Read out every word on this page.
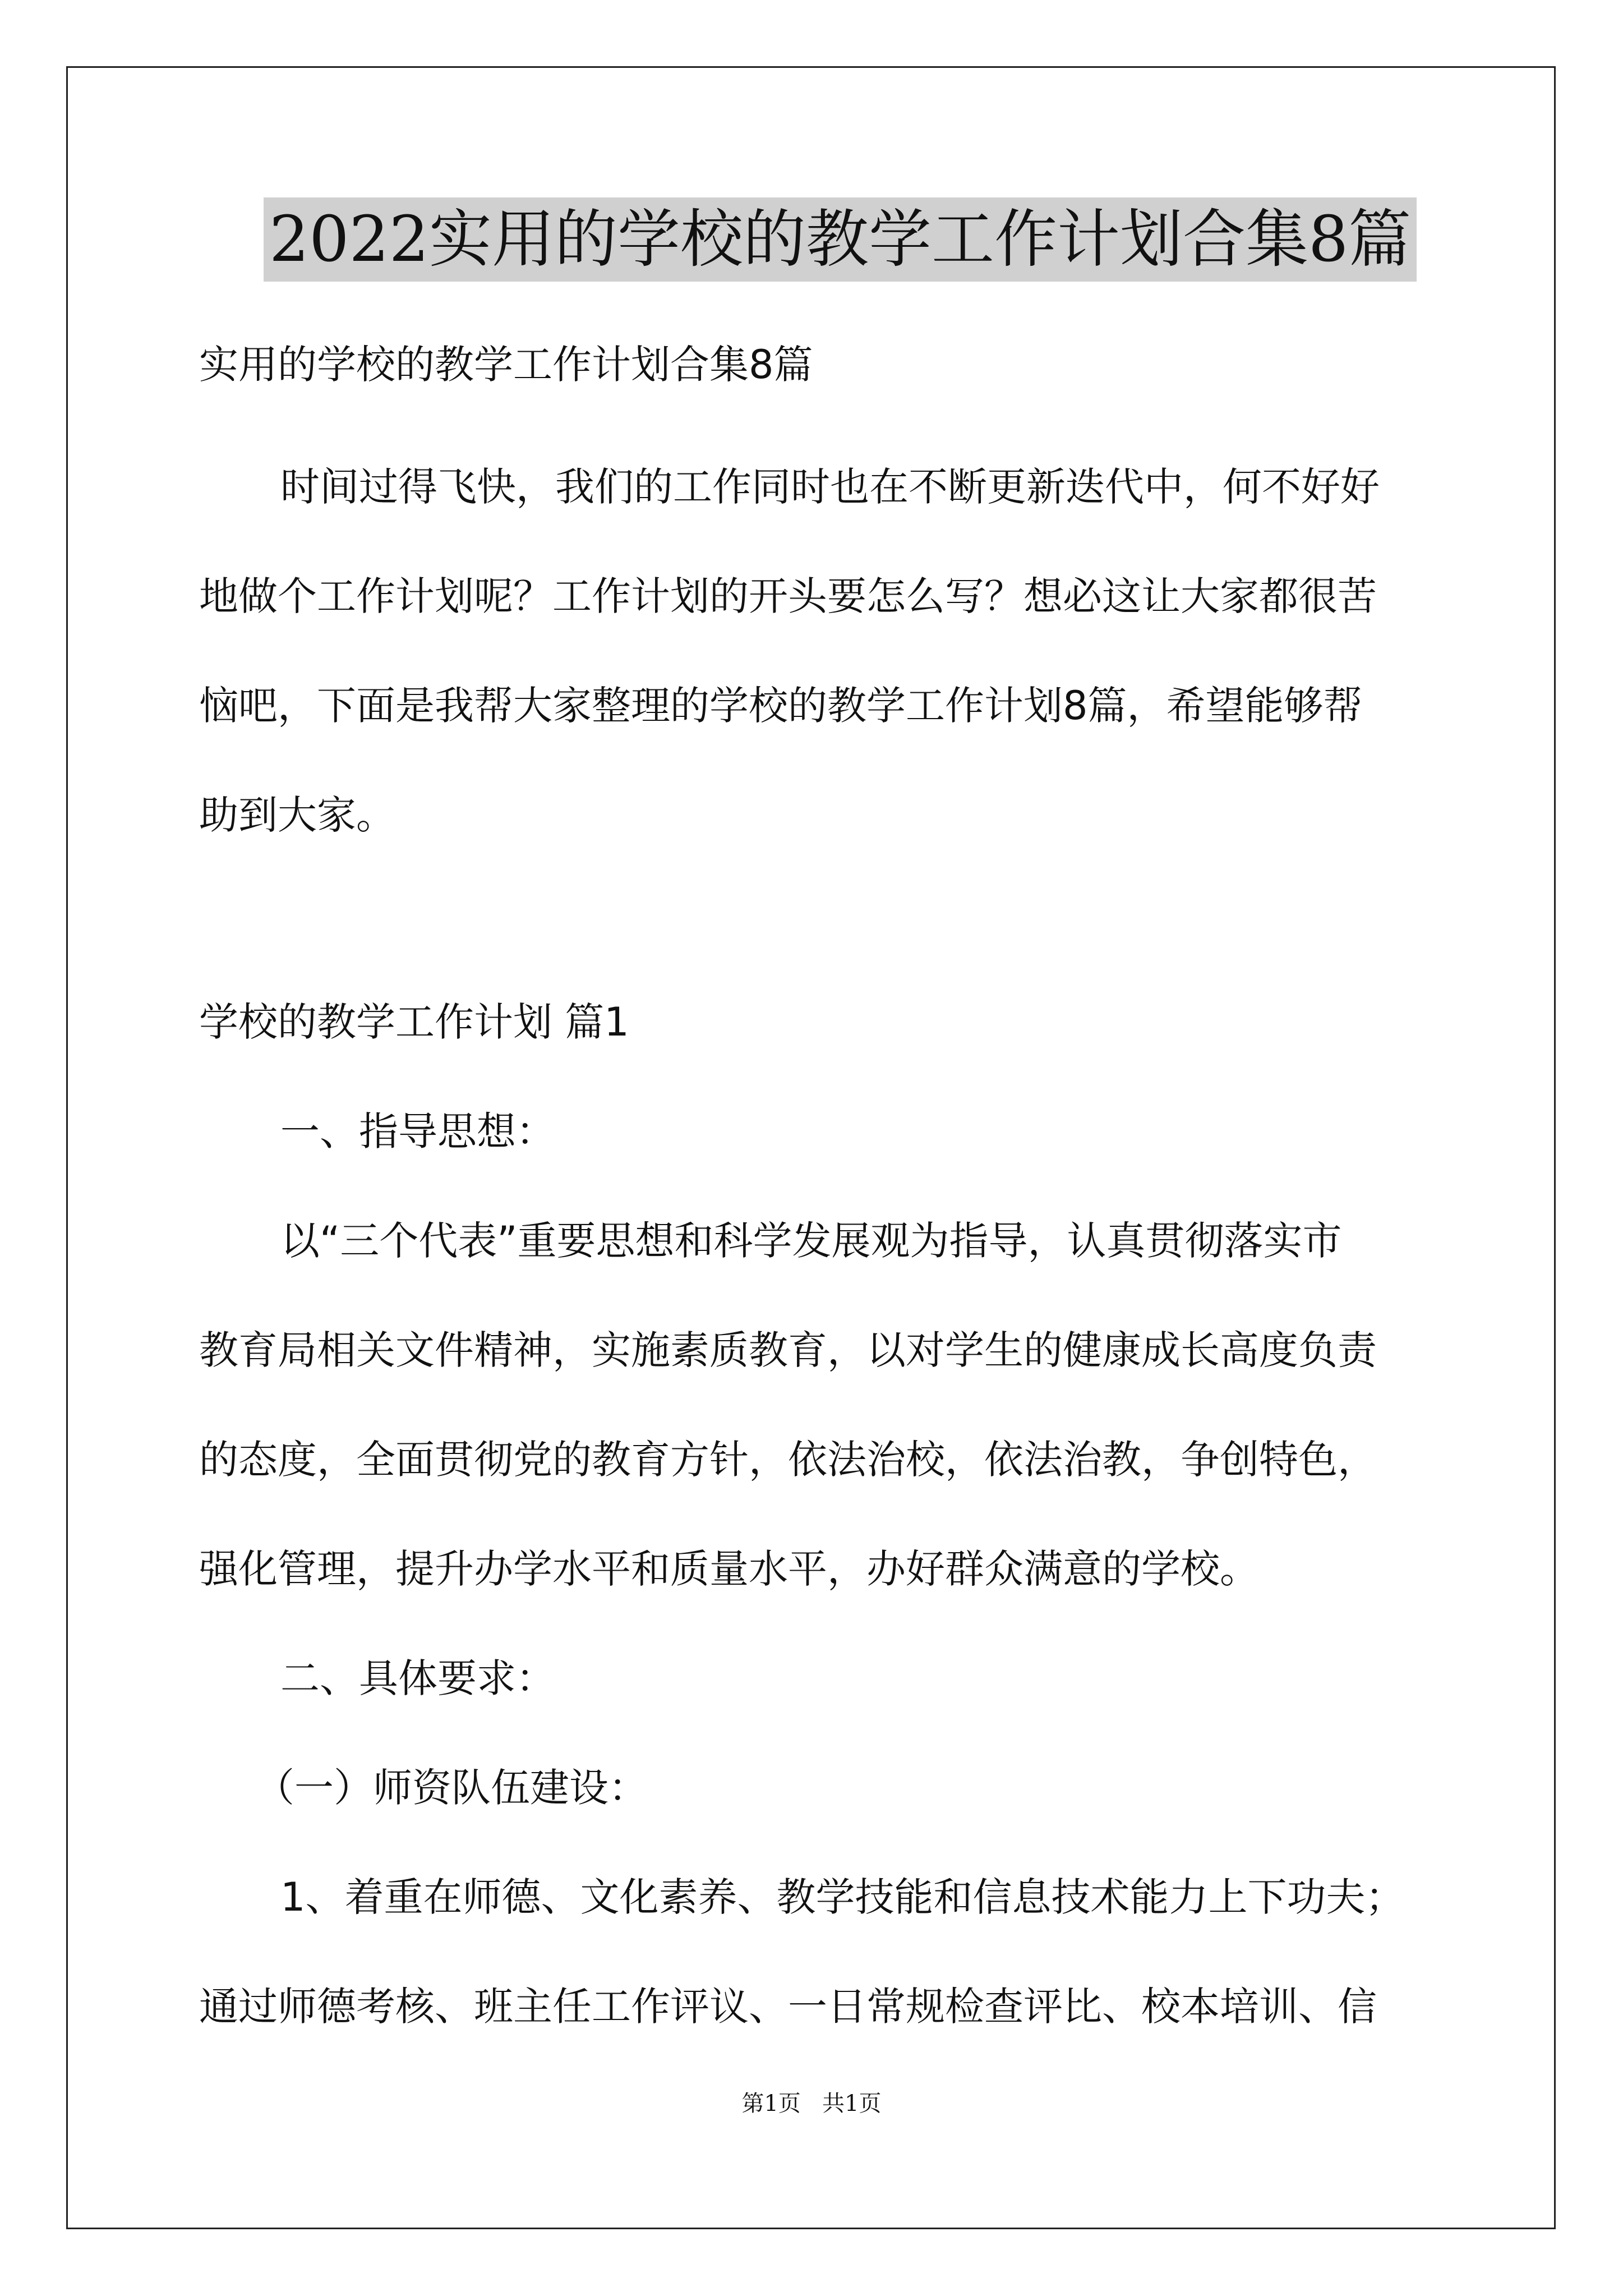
2022实用的学校的教学工作计划合集8篇
实用的学校的教学工作计划合集8篇
时间过得飞快，我们的工作同时也在不断更新迭代中，何不好好
地做个工作计划呢？工作计划的开头要怎么写？想必这让大家都很苦
恼吧，下面是我帮大家整理的学校的教学工作计划8篇，希望能够帮
助到大家。
学校的教学工作计划 篇1
一、指导思想：
以“三个代表”重要思想和科学发展观为指导，认真贯彻落实市
教育局相关文件精神，实施素质教育，以对学生的健康成长高度负责
的态度，全面贯彻党的教育方针，依法治校，依法治教，争创特色，
强化管理，提升办学水平和质量水平，办好群众满意的学校。
二、具体要求：
（一）师资队伍建设：
1、着重在师德、文化素养、教学技能和信息技术能力上下功夫；
通过师德考核、班主任工作评议、一日常规检查评比、校本培训、信
第1页   共1页
